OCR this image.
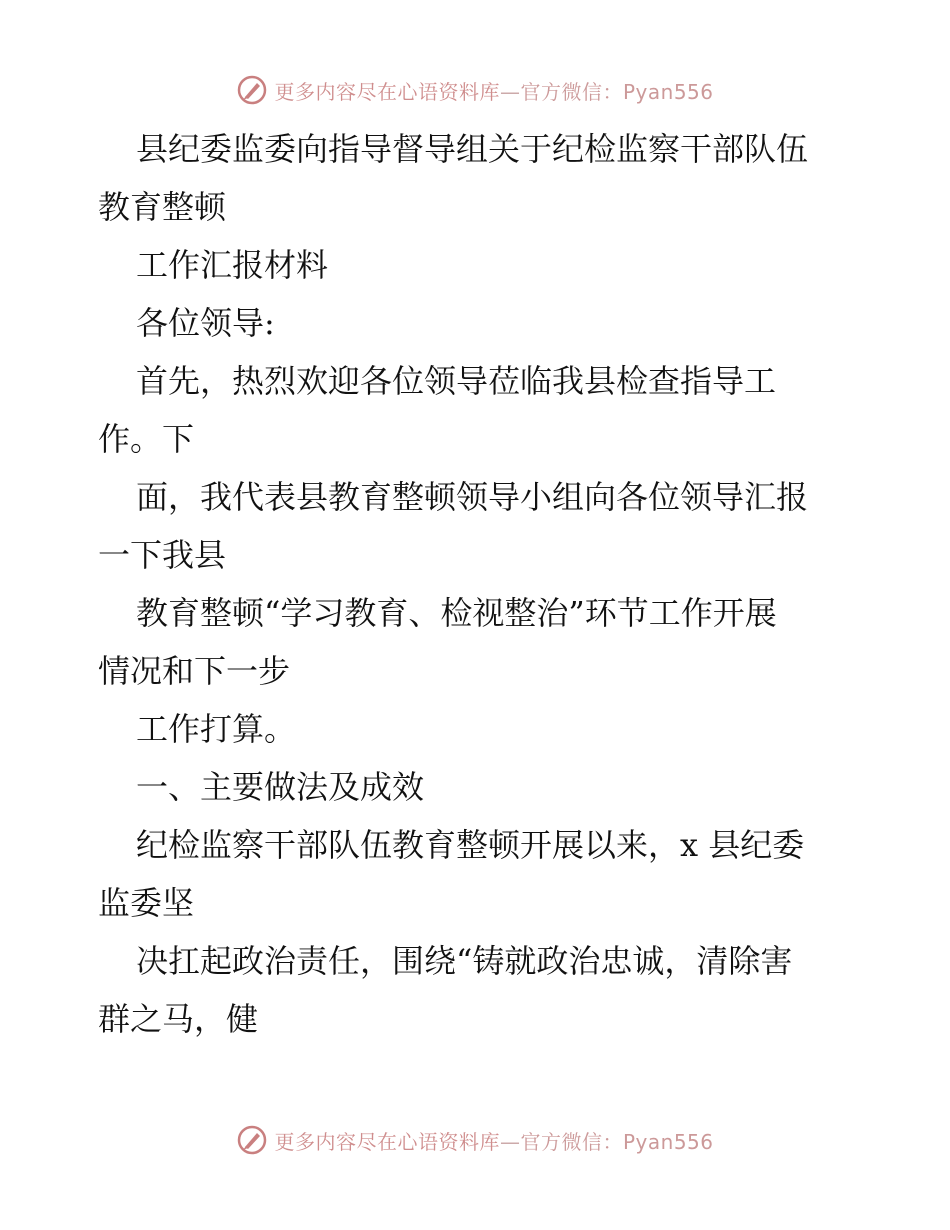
更多内容尽在心语资料库—官方微信：Pyan556
县纪委监委向指导督导组关于纪检监察干部队伍
教育整顿
工作汇报材料
各位领导:
首先，热烈欢迎各位领导莅临我县检查指导工
作。下
面，我代表县教育整顿领导小组向各位领导汇报
一下我县
教育整顿“学习教育、检视整治”环节工作开展
情况和下一步
工作打算。
一、主要做法及成效
纪检监察干部队伍教育整顿开展以来，x 县纪委
监委坚
决扛起政治责任，围绕“铸就政治忠诚，清除害
群之马，健
更多内容尽在心语资料库—官方微信：Pyan556
